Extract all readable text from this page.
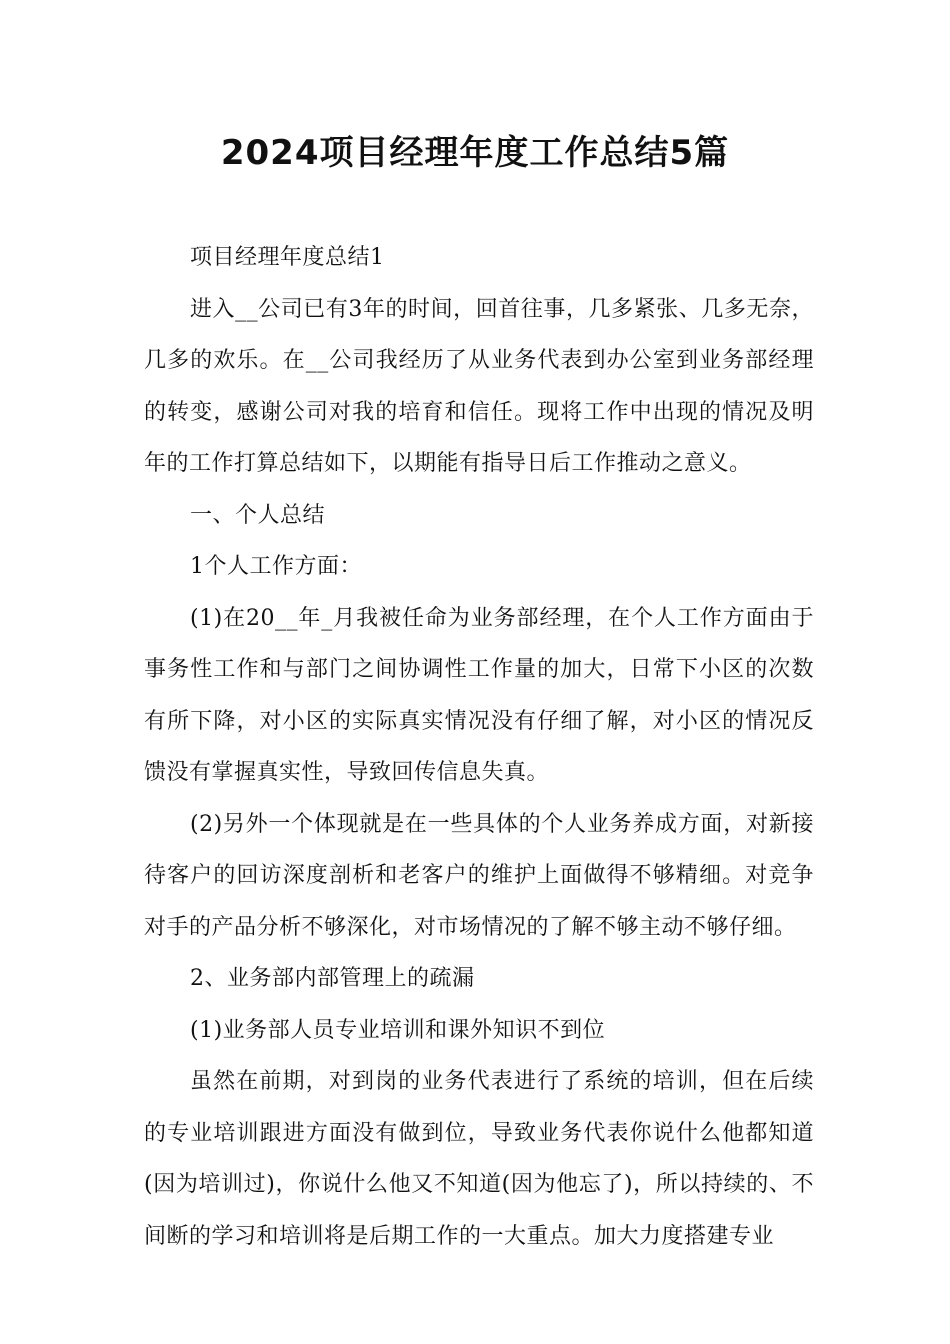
2024项目经理年度工作总结5篇

项目经理年度总结1

进入__公司已有3年的时间，回首往事，几多紧张、几多无奈，几多的欢乐。在__公司我经历了从业务代表到办公室到业务部经理的转变，感谢公司对我的培育和信任。现将工作中出现的情况及明年的工作打算总结如下，以期能有指导日后工作推动之意义。

一、个人总结

1个人工作方面：

(1)在20__年_月我被任命为业务部经理，在个人工作方面由于事务性工作和与部门之间协调性工作量的加大，日常下小区的次数有所下降，对小区的实际真实情况没有仔细了解，对小区的情况反馈没有掌握真实性，导致回传信息失真。

(2)另外一个体现就是在一些具体的个人业务养成方面，对新接待客户的回访深度剖析和老客户的维护上面做得不够精细。对竞争对手的产品分析不够深化，对市场情况的了解不够主动不够仔细。

2、业务部内部管理上的疏漏

(1)业务部人员专业培训和课外知识不到位

虽然在前期，对到岗的业务代表进行了系统的培训，但在后续的专业培训跟进方面没有做到位，导致业务代表你说什么他都知道(因为培训过)，你说什么他又不知道(因为他忘了)，所以持续的、不间断的学习和培训将是后期工作的一大重点。加大力度搭建专业
